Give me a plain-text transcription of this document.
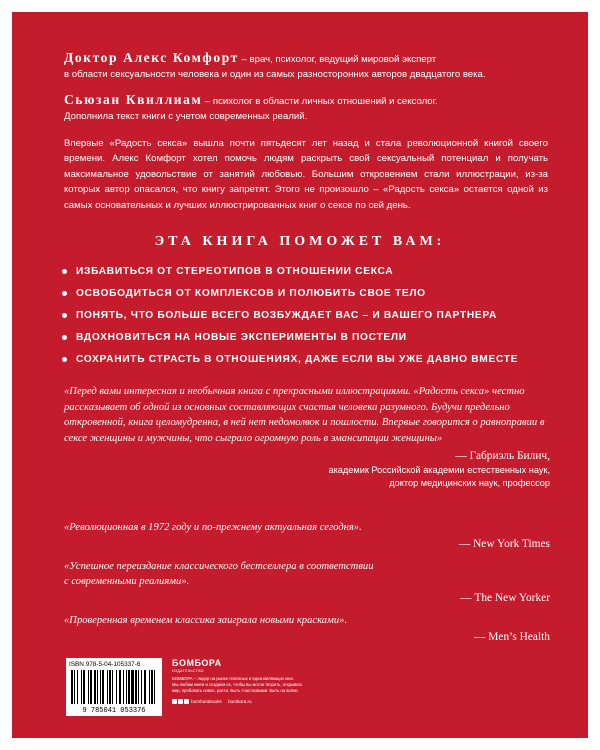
Доктор Алекс Комфорт – врач, психолог, ведущий мировой эксперт
в области сексуальности человека и один из самых разносторонних авторов двадцатого века.
Сьюзан Квиллиам – психолог в области личных отношений и сексолог.
Дополнила текст книги с учетом современных реалий.

Впервые «Радость секса» вышла почти пятьдесят лет назад и стала революционной книгой своего времени. Алекс Комфорт хотел помочь людям раскрыть свой сексуальный потенциал и получать максимальное удовольствие от занятий любовью. Большим откровением стали иллюстрации, из-за которых автор опасался, что книгу запретят. Этого не произошло – «Радость секса» остается одной из самых основательных и лучших иллюстрированных книг о сексе по сей день.

ЭТА КНИГА ПОМОЖЕТ ВАМ:
ИЗБАВИТЬСЯ ОТ СТЕРЕОТИПОВ В ОТНОШЕНИИ СЕКСА
ОСВОБОДИТЬСЯ ОТ КОМПЛЕКСОВ И ПОЛЮБИТЬ СВОЕ ТЕЛО
ПОНЯТЬ, ЧТО БОЛЬШЕ ВСЕГО ВОЗБУЖДАЕТ ВАС – И ВАШЕГО ПАРТНЕРА
ВДОХНОВИТЬСЯ НА НОВЫЕ ЭКСПЕРИМЕНТЫ В ПОСТЕЛИ
СОХРАНИТЬ СТРАСТЬ В ОТНОШЕНИЯХ, ДАЖЕ ЕСЛИ ВЫ УЖЕ ДАВНО ВМЕСТЕ

«Перед вами интересная и необычная книга с прекрасными иллюстрациями. «Радость секса» честно рассказывает об одной из основных составляющих счастья человека разумного. Будучи предельно откровенной, книга целомудренна, в ней нет недомолвок и пошлости. Впервые говорится о равноправии в сексе женщины и мужчины, что сыграло огромную роль в эмансипации женщины»

— Габриэль Билич,
академик Российской академии естественных наук,
доктор медицинских наук, профессор
«Революционная в 1972 году и по-прежнему актуальная сегодня».
— New York Times
«Успешное переиздание классического бестселлера в соответствии
с современными реалиями».
— The New Yorker
«Проверенная временем классика заиграла новыми красками».
— Men’s Health
ISBN 978-5-04-105337-6
9 785041 053376
БОМБОРА
ИЗДАТЕЛЬСТВО
БОМБОРА – лидер на рынке полезных и вдохновляющих книг.
Мы любим книги и создаем их, чтобы вы могли творить, открывать
мир, пробовать новое, расти. Быть счастливыми. Быть на волне.
bomborabooks bombora.ru
